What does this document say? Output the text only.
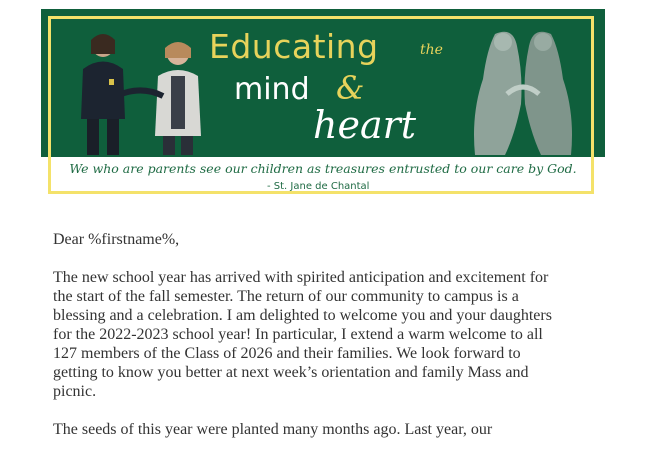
Educating	the
mind &
heart
We who are parents see our children as treasures entrusted to our care by God.
- St. Jane de Chantal

Dear %firstname%,

The new school year has arrived with spirited anticipation and excitement for
the start of the fall semester. The return of our community to campus is a
blessing and a celebration. I am delighted to welcome you and your daughters
for the 2022-2023 school year! In particular, I extend a warm welcome to all
127 members of the Class of 2026 and their families. We look forward to
getting to know you better at next week’s orientation and family Mass and
picnic.

The seeds of this year were planted many months ago. Last year, our
